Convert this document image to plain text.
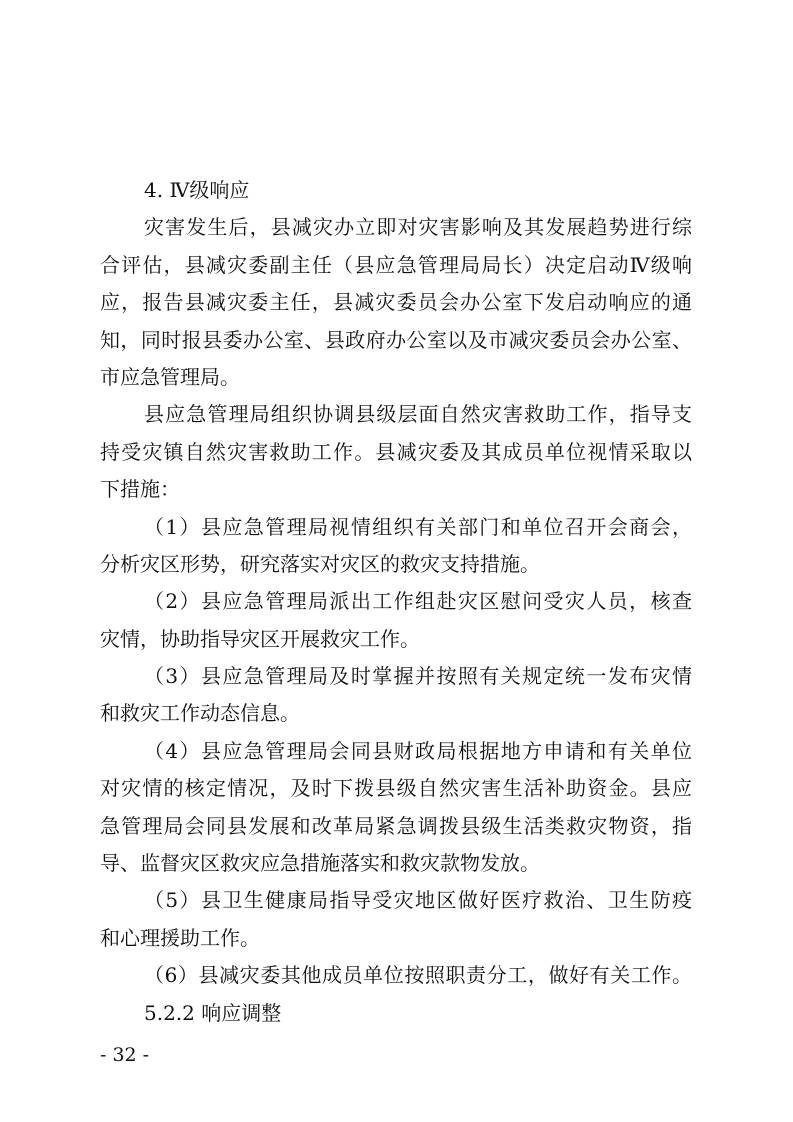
4. Ⅳ级响应

灾害发生后，县减灾办立即对灾害影响及其发展趋势进行综

合评估，县减灾委副主任（县应急管理局局长）决定启动Ⅳ级响

应，报告县减灾委主任，县减灾委员会办公室下发启动响应的通

知，同时报县委办公室、县政府办公室以及市减灾委员会办公室、

市应急管理局。

县应急管理局组织协调县级层面自然灾害救助工作，指导支

持受灾镇自然灾害救助工作。县减灾委及其成员单位视情采取以

下措施：

（1）县应急管理局视情组织有关部门和单位召开会商会，

分析灾区形势，研究落实对灾区的救灾支持措施。

（2）县应急管理局派出工作组赴灾区慰问受灾人员，核查

灾情，协助指导灾区开展救灾工作。

（3）县应急管理局及时掌握并按照有关规定统一发布灾情

和救灾工作动态信息。

（4）县应急管理局会同县财政局根据地方申请和有关单位

对灾情的核定情况，及时下拨县级自然灾害生活补助资金。县应

急管理局会同县发展和改革局紧急调拨县级生活类救灾物资，指

导、监督灾区救灾应急措施落实和救灾款物发放。

（5）县卫生健康局指导受灾地区做好医疗救治、卫生防疫

和心理援助工作。

（6）县减灾委其他成员单位按照职责分工，做好有关工作。

5.2.2 响应调整

- 32 -
